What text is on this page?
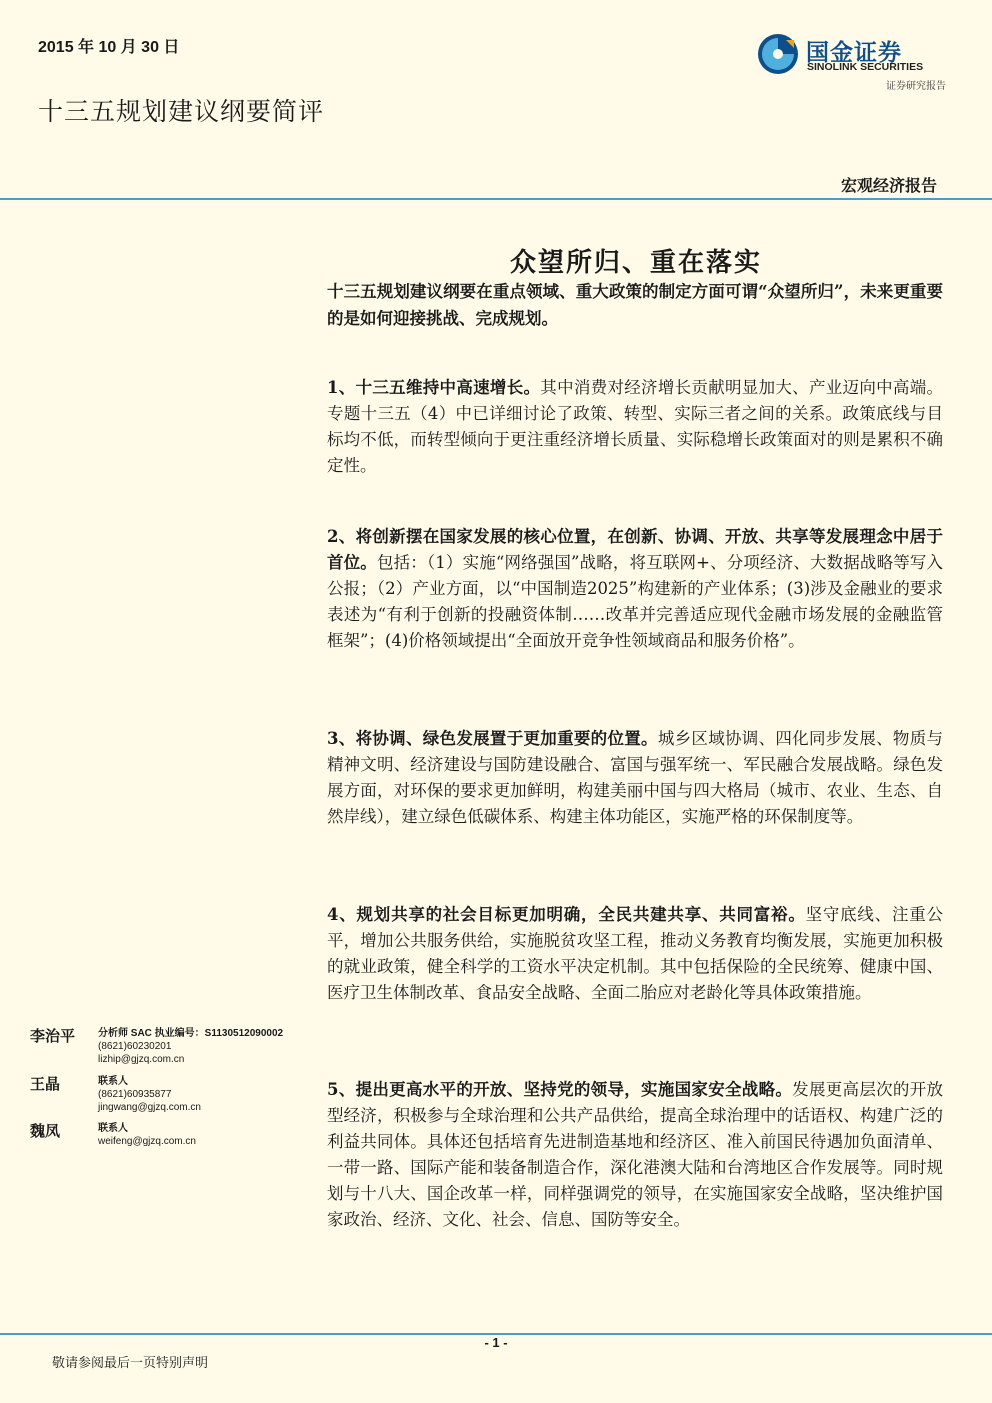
2015 年 10 月 30 日
十三五规划建议纲要简评
国金证券
SINOLINK SECURITIES
证券研究报告
宏观经济报告
众望所归、重在落实
十三五规划建议纲要在重点领域、重大政策的制定方面可谓“众望所归”，未来更重要的是如何迎接挑战、完成规划。
1、十三五维持中高速增长。其中消费对经济增长贡献明显加大、产业迈向中高端。专题十三五（4）中已详细讨论了政策、转型、实际三者之间的关系。政策底线与目标均不低，而转型倾向于更注重经济增长质量、实际稳增长政策面对的则是累积不确定性。
2、将创新摆在国家发展的核心位置，在创新、协调、开放、共享等发展理念中居于首位。包括：（1）实施“网络强国”战略，将互联网+、分项经济、大数据战略等写入公报；（2）产业方面，以“中国制造2025”构建新的产业体系；(3)涉及金融业的要求表述为“有利于创新的投融资体制……改革并完善适应现代金融市场发展的金融监管框架”；(4)价格领域提出“全面放开竞争性领域商品和服务价格”。
3、将协调、绿色发展置于更加重要的位置。城乡区域协调、四化同步发展、物质与精神文明、经济建设与国防建设融合、富国与强军统一、军民融合发展战略。绿色发展方面，对环保的要求更加鲜明，构建美丽中国与四大格局（城市、农业、生态、自然岸线），建立绿色低碳体系、构建主体功能区，实施严格的环保制度等。
4、规划共享的社会目标更加明确，全民共建共享、共同富裕。坚守底线、注重公平，增加公共服务供给，实施脱贫攻坚工程，推动义务教育均衡发展，实施更加积极的就业政策，健全科学的工资水平决定机制。其中包括保险的全民统筹、健康中国、医疗卫生体制改革、食品安全战略、全面二胎应对老龄化等具体政策措施。
5、提出更高水平的开放、坚持党的领导，实施国家安全战略。发展更高层次的开放型经济，积极参与全球治理和公共产品供给，提高全球治理中的话语权、构建广泛的利益共同体。具体还包括培育先进制造基地和经济区、准入前国民待遇加负面清单、一带一路、国际产能和装备制造合作，深化港澳大陆和台湾地区合作发展等。同时规划与十八大、国企改革一样，同样强调党的领导，在实施国家安全战略，坚决维护国家政治、经济、文化、社会、信息、国防等安全。
李治平 分析师 SAC 执业编号：S1130512090002
(8621)60230201
lizhip@gjzq.com.cn
王晶	联系人
(8621)60935877
jingwang@gjzq.com.cn
魏凤	联系人
weifeng@gjzq.com.cn
- 1 -
敬请参阅最后一页特别声明
